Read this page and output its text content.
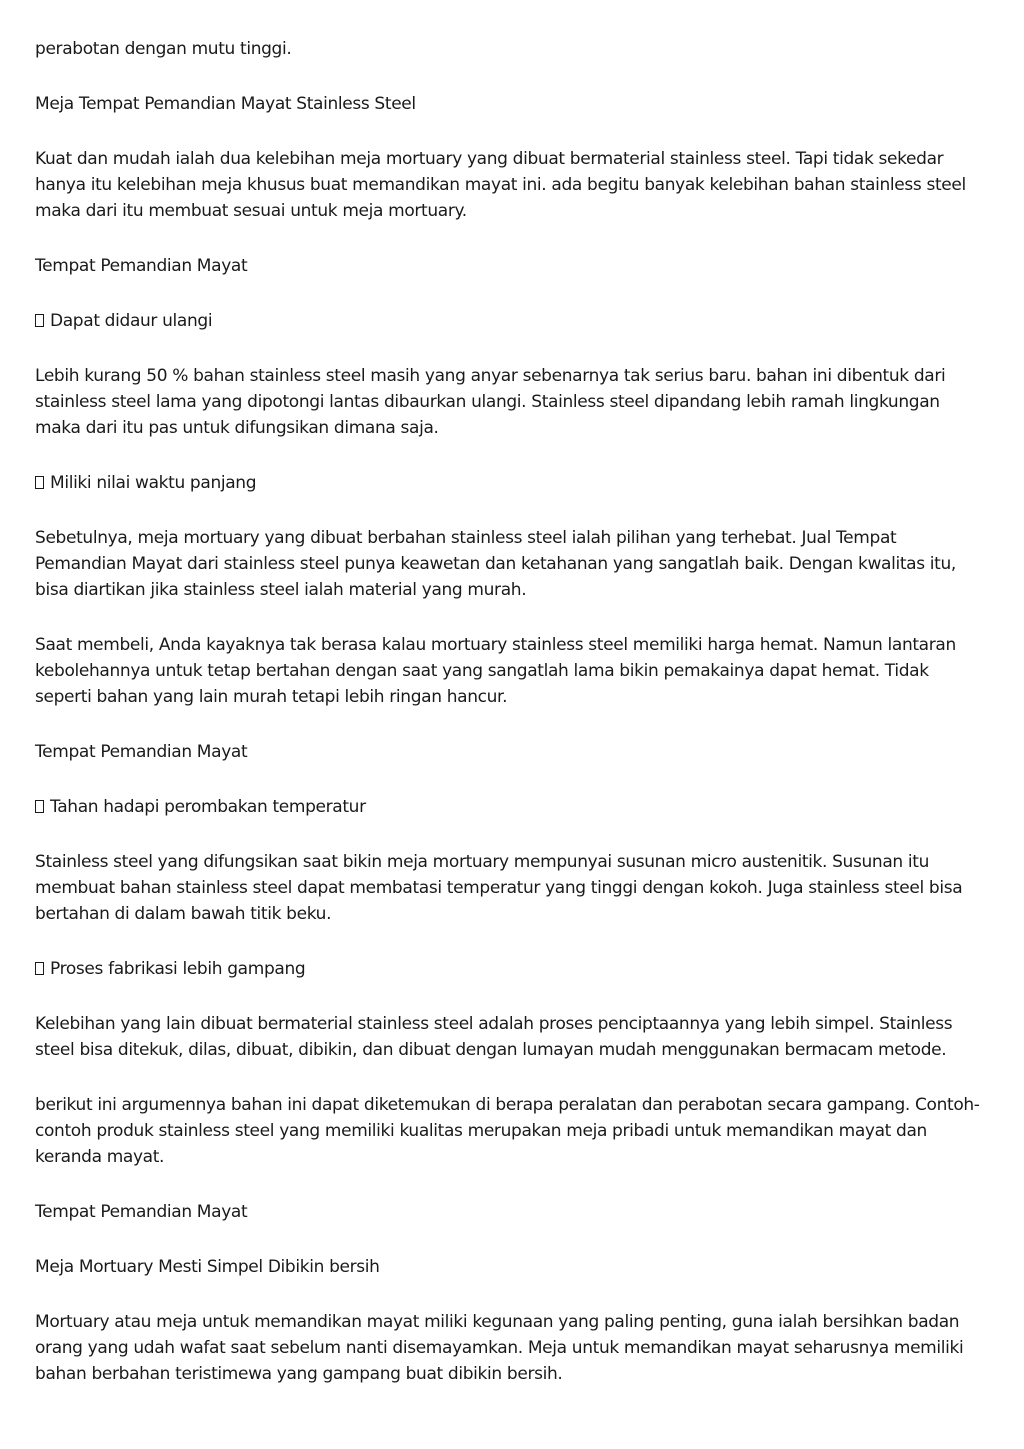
perabotan dengan mutu tinggi.

Meja Tempat Pemandian Mayat Stainless Steel

Kuat dan mudah ialah dua kelebihan meja mortuary yang dibuat bermaterial stainless steel. Tapi tidak sekedar hanya itu kelebihan meja khusus buat memandikan mayat ini. ada begitu banyak kelebihan bahan stainless steel maka dari itu membuat sesuai untuk meja mortuary.

Tempat Pemandian Mayat

Dapat didaur ulangi

Lebih kurang 50 % bahan stainless steel masih yang anyar sebenarnya tak serius baru. bahan ini dibentuk dari stainless steel lama yang dipotongi lantas dibaurkan ulangi. Stainless steel dipandang lebih ramah lingkungan maka dari itu pas untuk difungsikan dimana saja.

Miliki nilai waktu panjang

Sebetulnya, meja mortuary yang dibuat berbahan stainless steel ialah pilihan yang terhebat. Jual Tempat Pemandian Mayat dari stainless steel punya keawetan dan ketahanan yang sangatlah baik. Dengan kwalitas itu, bisa diartikan jika stainless steel ialah material yang murah.

Saat membeli, Anda kayaknya tak berasa kalau mortuary stainless steel memiliki harga hemat. Namun lantaran kebolehannya untuk tetap bertahan dengan saat yang sangatlah lama bikin pemakainya dapat hemat. Tidak seperti bahan yang lain murah tetapi lebih ringan hancur.

Tempat Pemandian Mayat

Tahan hadapi perombakan temperatur

Stainless steel yang difungsikan saat bikin meja mortuary mempunyai susunan micro austenitik. Susunan itu membuat bahan stainless steel dapat membatasi temperatur yang tinggi dengan kokoh. Juga stainless steel bisa bertahan di dalam bawah titik beku.

Proses fabrikasi lebih gampang

Kelebihan yang lain dibuat bermaterial stainless steel adalah proses penciptaannya yang lebih simpel. Stainless steel bisa ditekuk, dilas, dibuat, dibikin, dan dibuat dengan lumayan mudah menggunakan bermacam metode.

berikut ini argumennya bahan ini dapat diketemukan di berapa peralatan dan perabotan secara gampang. Contoh-contoh produk stainless steel yang memiliki kualitas merupakan meja pribadi untuk memandikan mayat dan keranda mayat.

Tempat Pemandian Mayat

Meja Mortuary Mesti Simpel Dibikin bersih

Mortuary atau meja untuk memandikan mayat miliki kegunaan yang paling penting, guna ialah bersihkan badan orang yang udah wafat saat sebelum nanti disemayamkan. Meja untuk memandikan mayat seharusnya memiliki bahan berbahan teristimewa yang gampang buat dibikin bersih.
